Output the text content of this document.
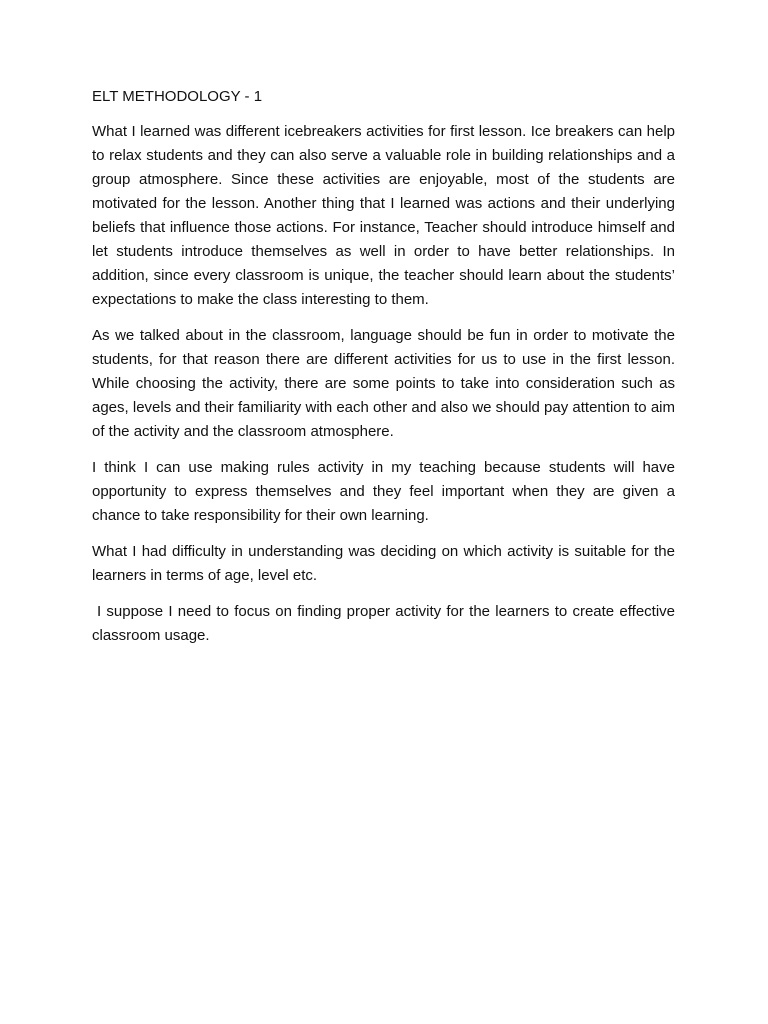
ELT METHODOLOGY - 1

What I learned was different icebreakers activities for first lesson. Ice breakers can help to relax students and they can also serve a valuable role in building relationships and a group atmosphere. Since these activities are enjoyable, most of the students are motivated for the lesson. Another thing that I learned was actions and their underlying beliefs that influence those actions. For instance, Teacher should introduce himself and let students introduce themselves as well in order to have better relationships. In addition, since every classroom is unique, the teacher should learn about the students’ expectations to make the class interesting to them.

As we talked about in the classroom, language should be fun in order to motivate the students, for that reason there are different activities for us to use in the first lesson. While choosing the activity, there are some points to take into consideration such as ages, levels and their familiarity with each other and also we should pay attention to aim of the activity and the classroom atmosphere.

I think I can use making rules activity in my teaching because students will have opportunity to express themselves and they feel important when they are given a chance to take responsibility for their own learning.

What I had difficulty in understanding was deciding on which activity is suitable for the learners in terms of age, level etc.

I suppose I need to focus on finding proper activity for the learners to create effective classroom usage.
